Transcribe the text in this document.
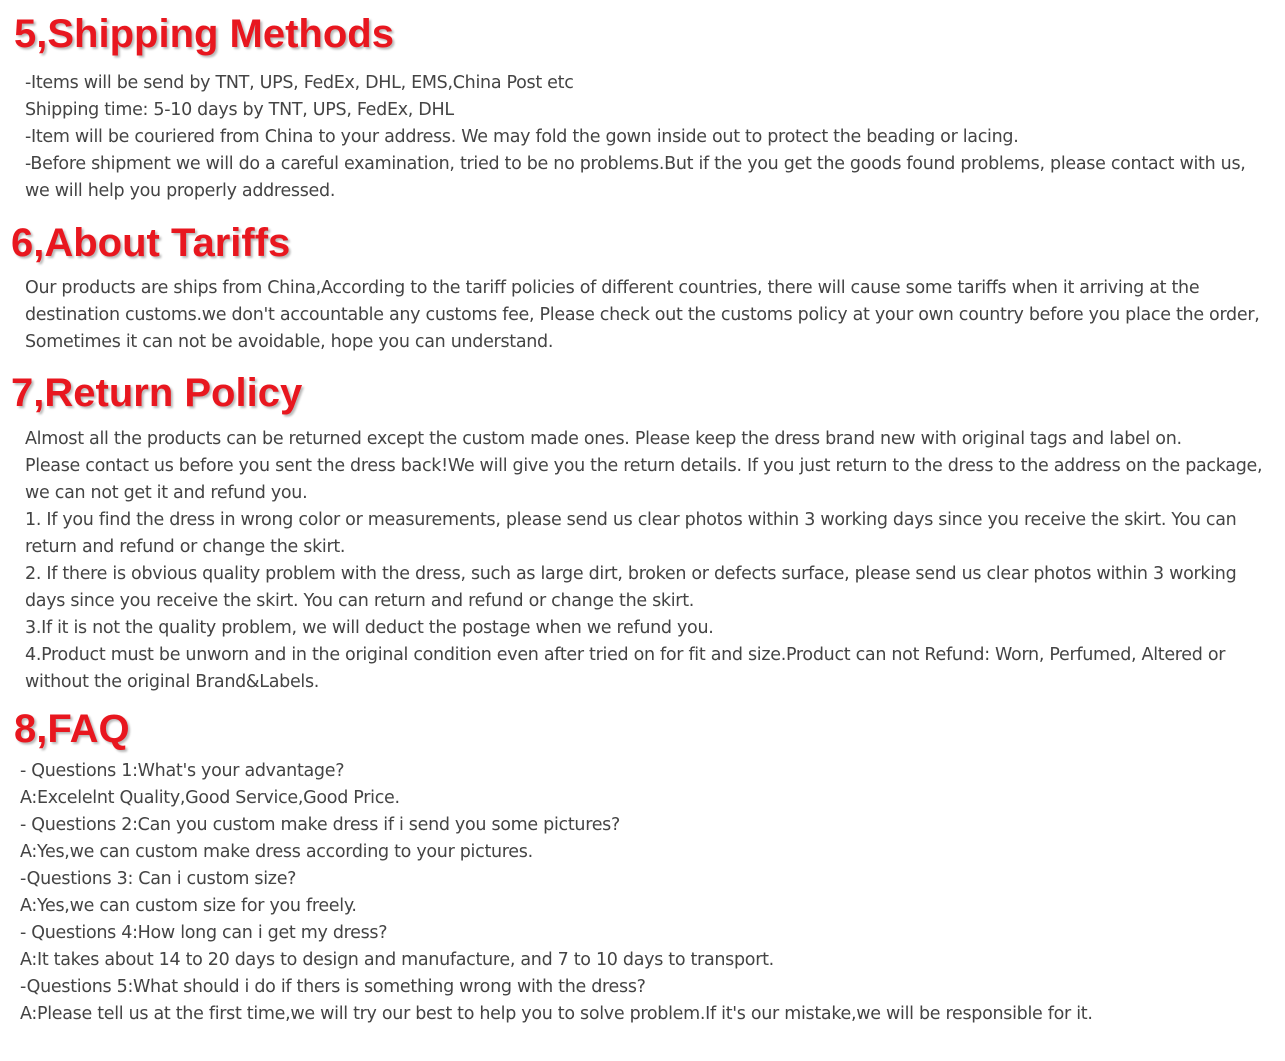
5,Shipping Methods
-Items will be send by TNT, UPS, FedEx, DHL, EMS,China Post etc
Shipping time: 5-10 days by TNT, UPS, FedEx, DHL
-Item will be couriered from China to your address. We may fold the gown inside out to protect the beading or lacing.
-Before shipment we will do a careful examination, tried to be no problems.But if the you get the goods found problems, please contact with us, we will help you properly addressed.
6,About Tariffs
Our products are ships from China,According to the tariff policies of different countries, there will cause some tariffs when it arriving at the destination customs.we don't accountable any customs fee, Please check out the customs policy at your own country before you place the order, Sometimes it can not be avoidable, hope you can understand.
7,Return Policy
Almost all the products can be returned except the custom made ones. Please keep the dress brand new with original tags and label on.
Please contact us before you sent the dress back!We will give you the return details. If you just return to the dress to the address on the package, we can not get it and refund you.
1. If you find the dress in wrong color or measurements, please send us clear photos within 3 working days since you receive the skirt. You can return and refund or change the skirt.
2. If there is obvious quality problem with the dress, such as large dirt, broken or defects surface, please send us clear photos within 3 working days since you receive the skirt. You can return and refund or change the skirt.
3.If it is not the quality problem, we will deduct the postage when we refund you.
4.Product must be unworn and in the original condition even after tried on for fit and size.Product can not Refund: Worn, Perfumed, Altered or without the original Brand&Labels.
8,FAQ
- Questions 1:What's your advantage?
A:Excelelnt Quality,Good Service,Good Price.
- Questions 2:Can you custom make dress if i send you some pictures?
A:Yes,we can custom make dress according to your pictures.
-Questions 3: Can i custom size?
A:Yes,we can custom size for you freely.
- Questions 4:How long can i get my dress?
A:It takes about 14 to 20 days to design and manufacture, and 7 to 10 days to transport.
-Questions 5:What should i do if thers is something wrong with the dress?
A:Please tell us at the first time,we will try our best to help you to solve problem.If it's our mistake,we will be responsible for it.
